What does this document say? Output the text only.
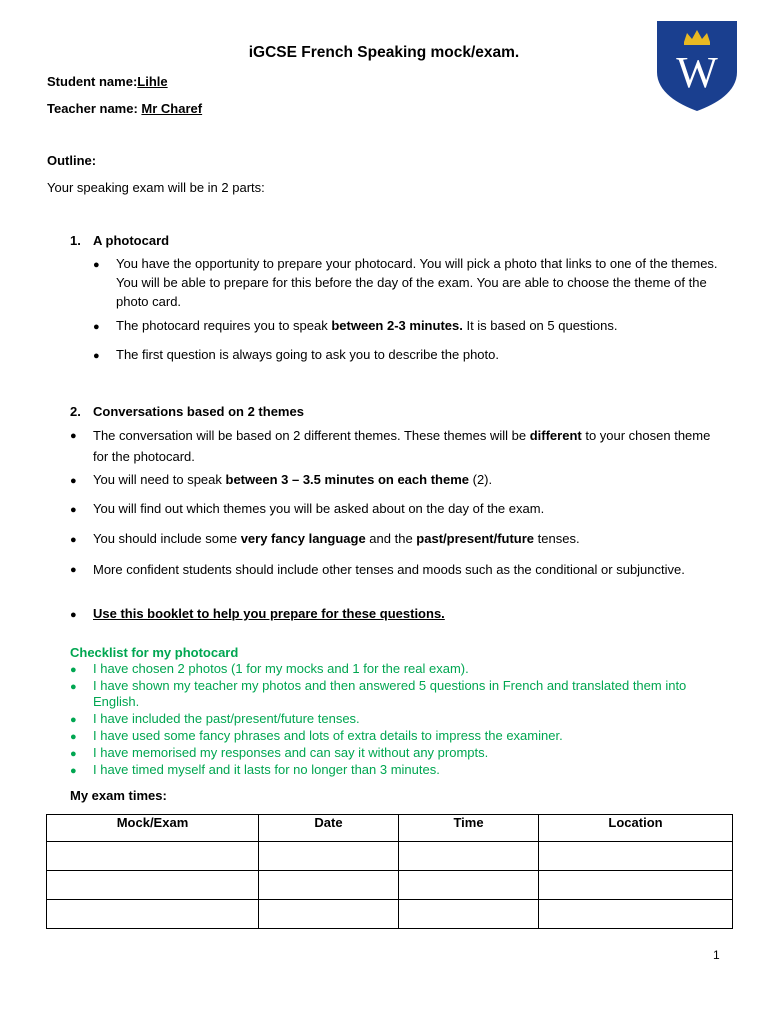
iGCSE French Speaking mock/exam.	W
Student name:Lihle
Teacher name: Mr Charef
Outline:
Your speaking exam will be in 2 parts:
1. A photocard
● You have the opportunity to prepare your photocard. You will pick a photo that links to one of the themes. You will be able to prepare for this before the day of the exam. You are able to choose the theme of the photo card.
● The photocard requires you to speak between 2-3 minutes. It is based on 5 questions.
● The first question is always going to ask you to describe the photo.
2. Conversations based on 2 themes
● The conversation will be based on 2 different themes. These themes will be different to your chosen theme for the photocard.
● You will need to speak between 3 – 3.5 minutes on each theme (2).
● You will find out which themes you will be asked about on the day of the exam.
● You should include some very fancy language and the past/present/future tenses.
● More confident students should include other tenses and moods such as the conditional or subjunctive.
● Use this booklet to help you prepare for these questions.
Checklist for my photocard
● I have chosen 2 photos (1 for my mocks and 1 for the real exam).
● I have shown my teacher my photos and then answered 5 questions in French and translated them into English.
● I have included the past/present/future tenses.
● I have used some fancy phrases and lots of extra details to impress the examiner.
● I have memorised my responses and can say it without any prompts.
● I have timed myself and it lasts for no longer than 3 minutes.
My exam times:
Mock/Exam	Date	Time	Location

1
